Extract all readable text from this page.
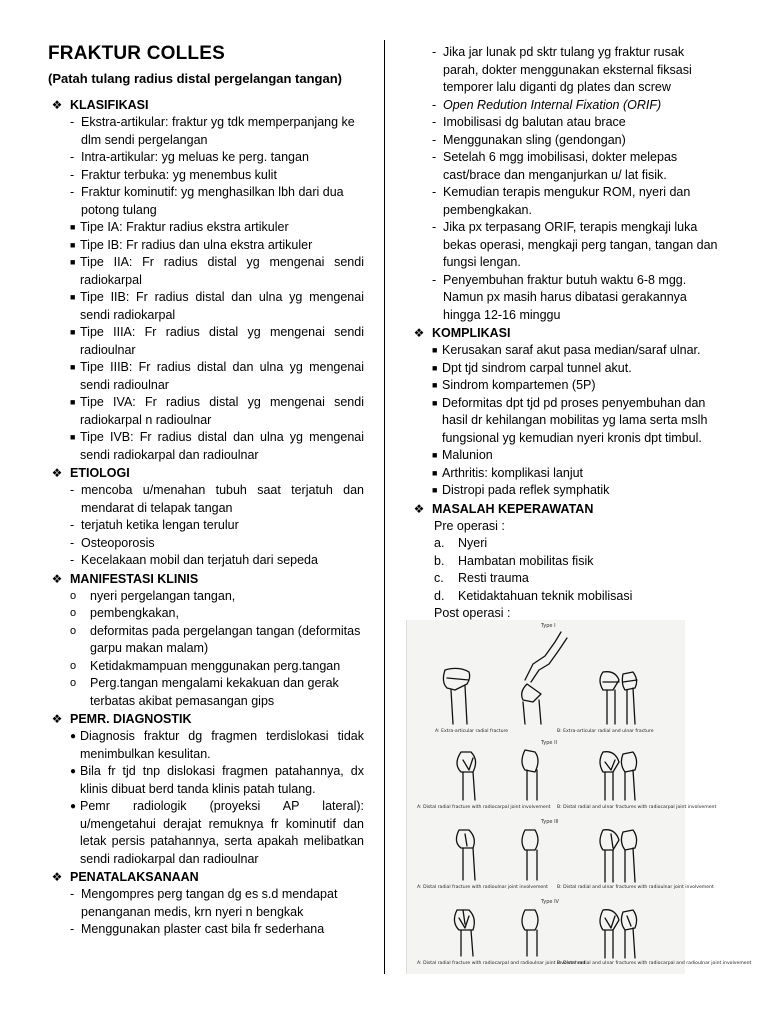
FRAKTUR COLLES
(Patah tulang radius distal pergelangan tangan)
❖ KLASIFIKASI
- Ekstra-artikular: fraktur yg tdk memperpanjang ke dlm sendi pergelangan
- Intra-artikular: yg meluas ke perg. tangan
- Fraktur terbuka: yg menembus kulit
- Fraktur kominutif: yg menghasilkan lbh dari dua potong tulang
■ Tipe IA: Fraktur radius ekstra artikuler
■ Tipe IB: Fr radius dan ulna ekstra artikuler
■ Tipe IIA: Fr radius distal yg mengenai sendi radiokarpal
■ Tipe IIB: Fr radius distal dan ulna yg mengenai sendi radiokarpal
■ Tipe IIIA: Fr radius distal yg mengenai sendi radioulnar
■ Tipe IIIB: Fr radius distal dan ulna yg mengenai sendi radioulnar
■ Tipe IVA: Fr radius distal yg mengenai sendi radiokarpal n radioulnar
■ Tipe IVB: Fr radius distal dan ulna yg mengenai sendi radiokarpal dan radioulnar
❖ ETIOLOGI
- mencoba u/menahan tubuh saat terjatuh dan mendarat di telapak tangan
- terjatuh ketika lengan terulur
- Osteoporosis
- Kecelakaan mobil dan terjatuh dari sepeda
❖ MANIFESTASI KLINIS
o	nyeri pergelangan tangan,
o	pembengkakan,
o	deformitas pada pergelangan tangan (deformitas garpu makan malam)
o	Ketidakmampuan menggunakan perg.tangan
o	Perg.tangan mengalami kekakuan dan gerak terbatas akibat pemasangan gips
❖ PEMR. DIAGNOSTIK
● Diagnosis fraktur dg fragmen terdislokasi tidak menimbulkan kesulitan.
● Bila fr tjd tnp dislokasi fragmen patahannya, dx klinis dibuat berd tanda klinis patah tulang.
● Pemr radiologik (proyeksi AP lateral): u/mengetahui derajat remuknya fr kominutif dan letak persis patahannya, serta apakah melibatkan sendi radiokarpal dan radioulnar
❖ PENATALAKSANAAN
- Mengompres perg tangan dg es s.d mendapat penanganan medis, krn nyeri n bengkak
- Menggunakan plaster cast bila fr sederhana
- Jika jar lunak pd sktr tulang yg fraktur rusak parah, dokter menggunakan eksternal fiksasi temporer lalu diganti dg plates dan screw
- Open Redution Internal Fixation (ORIF)
- Imobilisasi dg balutan atau brace
- Menggunakan sling (gendongan)
- Setelah 6 mgg imobilisasi, dokter melepas cast/brace dan menganjurkan u/ lat fisik.
- Kemudian terapis mengukur ROM, nyeri dan pembengkakan.
- Jika px terpasang ORIF, terapis mengkaji luka bekas operasi, mengkaji perg tangan, tangan dan fungsi lengan.
- Penyembuhan fraktur butuh waktu 6-8 mgg. Namun px masih harus dibatasi gerakannya hingga 12-16 minggu
❖ KOMPLIKASI
■ Kerusakan saraf akut pasa median/saraf ulnar.
■ Dpt tjd sindrom carpal tunnel akut.
■ Sindrom kompartemen (5P)
■ Deformitas dpt tjd pd proses penyembuhan dan hasil dr kehilangan mobilitas yg lama serta mslh fungsional yg kemudian nyeri kronis dpt timbul.
■ Malunion
■ Arthritis: komplikasi lanjut
■ Distropi pada reflek symphatik
❖ MASALAH KEPERAWATAN
Pre operasi :
a.	Nyeri
b.	Hambatan mobilitas fisik
c.	Resti trauma
d.	Ketidaktahuan teknik mobilisasi
Post operasi :
Type I
Type II
Type III
Type IV
A: Extra-articular radial fracture	B: Extra-articular radial and ulnar fracture
A: Distal radial fracture with radiocarpal joint involvement B: Distal radial and ulnar fractures with radiocarpal joint involvement
A: Distal radial fracture with radioulnar joint involvement B: Distal radial and ulnar fractures with radioulnar joint involvement
A: Distal radial fracture with radiocarpal and radioulnar joint involvement
B: Distal radial and ulnar fractures with radiocarpal and radioulnar joint involvement
